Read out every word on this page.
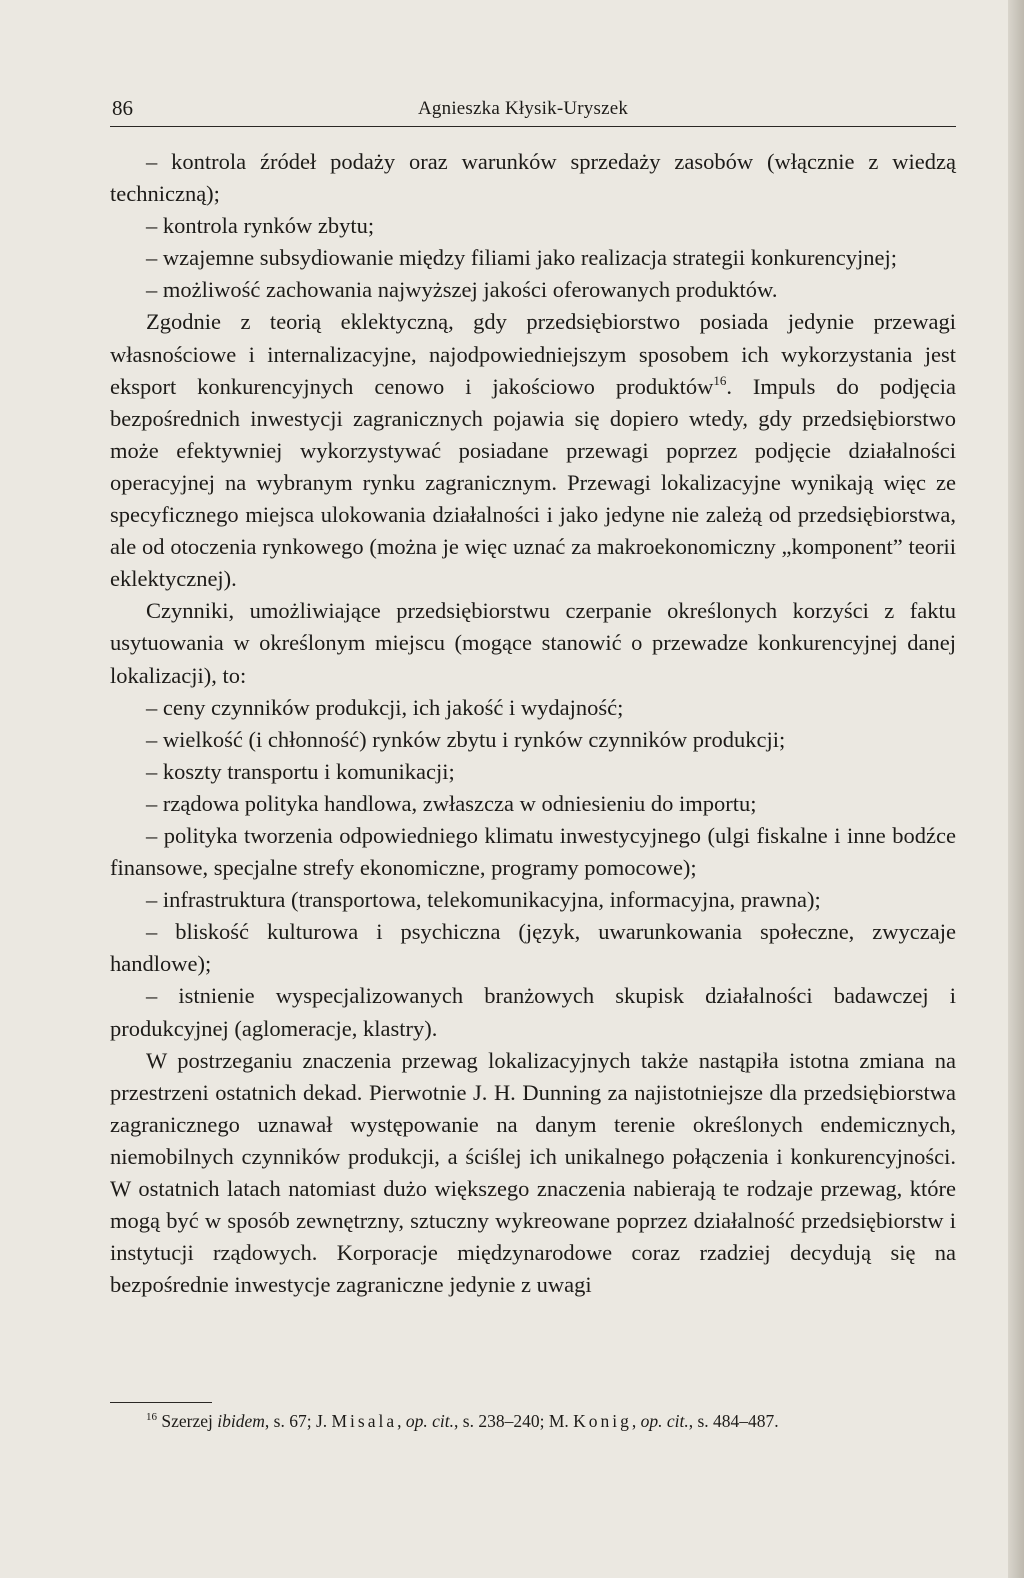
86	Agnieszka Kłysik-Uryszek

– kontrola źródeł podaży oraz warunków sprzedaży zasobów (włącznie z wiedzą techniczną);

– kontrola rynków zbytu;

– wzajemne subsydiowanie między filiami jako realizacja strategii konkurencyjnej;

– możliwość zachowania najwyższej jakości oferowanych produktów.

Zgodnie z teorią eklektyczną, gdy przedsiębiorstwo posiada jedynie przewagi własnościowe i internalizacyjne, najodpowiedniejszym sposobem ich wykorzystania jest eksport konkurencyjnych cenowo i jakościowo produktów$^{16}$. Impuls do podjęcia bezpośrednich inwestycji zagranicznych pojawia się dopiero wtedy, gdy przedsiębiorstwo może efektywniej wykorzystywać posiadane przewagi poprzez podjęcie działalności operacyjnej na wybranym rynku zagranicznym. Przewagi lokalizacyjne wynikają więc ze specyficznego miejsca ulokowania działalności i jako jedyne nie zależą od przedsiębiorstwa, ale od otoczenia rynkowego (można je więc uznać za makroekonomiczny „komponent” teorii eklektycznej).

Czynniki, umożliwiające przedsiębiorstwu czerpanie określonych korzyści z faktu usytuowania w określonym miejscu (mogące stanowić o przewadze konkurencyjnej danej lokalizacji), to:

– ceny czynników produkcji, ich jakość i wydajność;

– wielkość (i chłonność) rynków zbytu i rynków czynników produkcji;

– koszty transportu i komunikacji;

– rządowa polityka handlowa, zwłaszcza w odniesieniu do importu;

– polityka tworzenia odpowiedniego klimatu inwestycyjnego (ulgi fiskalne i inne bodźce finansowe, specjalne strefy ekonomiczne, programy pomocowe);

– infrastruktura (transportowa, telekomunikacyjna, informacyjna, prawna);

– bliskość kulturowa i psychiczna (język, uwarunkowania społeczne, zwyczaje handlowe);

– istnienie wyspecjalizowanych branżowych skupisk działalności badawczej i produkcyjnej (aglomeracje, klastry).

W postrzeganiu znaczenia przewag lokalizacyjnych także nastąpiła istotna zmiana na przestrzeni ostatnich dekad. Pierwotnie J. H. Dunning za najistotniejsze dla przedsiębiorstwa zagranicznego uznawał występowanie na danym terenie określonych endemicznych, niemobilnych czynników produkcji, a ściślej ich unikalnego połączenia i konkurencyjności. W ostatnich latach natomiast dużo większego znaczenia nabierają te rodzaje przewag, które mogą być w sposób zewnętrzny, sztuczny wykreowane poprzez działalność przedsiębiorstw i instytucji rządowych. Korporacje międzynarodowe coraz rzadziej decydują się na bezpośrednie inwestycje zagraniczne jedynie z uwagi

$^{16}$ Szerzej ibidem, s. 67; J. Misala, op. cit., s. 238–240; M. Konig, op. cit., s. 484–487.
